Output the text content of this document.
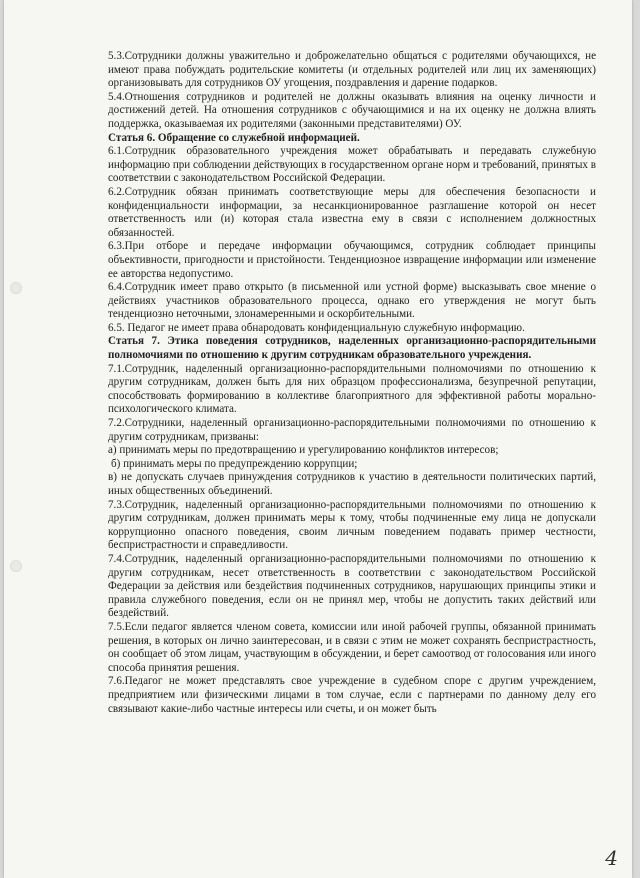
5.3.Сотрудники должны уважительно и доброжелательно общаться с родителями обучающихся, не имеют права побуждать родительские комитеты (и отдельных родителей или лиц их заменяющих) организовывать для сотрудников ОУ угощения, поздравления и дарение подарков.

5.4.Отношения сотрудников и родителей не должны оказывать влияния на оценку личности и достижений детей. На отношения сотрудников с обучающимися и на их оценку не должна влиять поддержка, оказываемая их родителями (законными представителями) ОУ.

Статья 6. Обращение со служебной информацией.

6.1.Сотрудник образовательного учреждения может обрабатывать и передавать служебную информацию при соблюдении действующих в государственном органе норм и требований, принятых в соответствии с законодательством Российской Федерации.

6.2.Сотрудник обязан принимать соответствующие меры для обеспечения безопасности и конфиденциальности информации, за несанкционированное разглашение которой он несет ответственность или (и) которая стала известна ему в связи с исполнением должностных обязанностей.

6.3.При отборе и передаче информации обучающимся, сотрудник соблюдает принципы объективности, пригодности и пристойности. Тенденциозное извращение информации или изменение ее авторства недопустимо.

6.4.Сотрудник имеет право открыто (в письменной или устной форме) высказывать свое мнение о действиях участников образовательного процесса, однако его утверждения не могут быть тенденциозно неточными, злонамеренными и оскорбительными.

6.5. Педагог не имеет права обнародовать конфиденциальную служебную информацию.

Статья 7. Этика поведения сотрудников, наделенных организационно-распорядительными полномочиями по отношению к другим сотрудникам образовательного учреждения.

7.1.Сотрудник, наделенный организационно-распорядительными полномочиями по отношению к другим сотрудникам, должен быть для них образцом профессионализма, безупречной репутации, способствовать формированию в коллективе благоприятного для эффективной работы морально-психологического климата.

7.2.Сотрудники, наделенный организационно-распорядительными полномочиями по отношению к другим сотрудникам, призваны:

а) принимать меры по предотвращению и урегулированию конфликтов интересов;

б) принимать меры по предупреждению коррупции;

в) не допускать случаев принуждения сотрудников к участию в деятельности политических партий, иных общественных объединений.

7.3.Сотрудник, наделенный организационно-распорядительными полномочиями по отношению к другим сотрудникам, должен принимать меры к тому, чтобы подчиненные ему лица не допускали коррупционно опасного поведения, своим личным поведением подавать пример честности, беспристрастности и справедливости.

7.4.Сотрудник, наделенный организационно-распорядительными полномочиями по отношению к другим сотрудникам, несет ответственность в соответствии с законодательством Российской Федерации за действия или бездействия подчиненных сотрудников, нарушающих принципы этики и правила служебного поведения, если он не принял мер, чтобы не допустить таких действий или бездействий.

7.5.Если педагог является членом совета, комиссии или иной рабочей группы, обязанной принимать решения, в которых он лично заинтересован, и в связи с этим не может сохранять беспристрастность, он сообщает об этом лицам, участвующим в обсуждении, и берет самоотвод от голосования или иного способа принятия решения.

7.6.Педагог не может представлять свое учреждение в судебном споре с другим учреждением, предприятием или физическими лицами в том случае, если с партнерами по данному делу его связывают какие-либо частные интересы или счеты, и он может быть

4
